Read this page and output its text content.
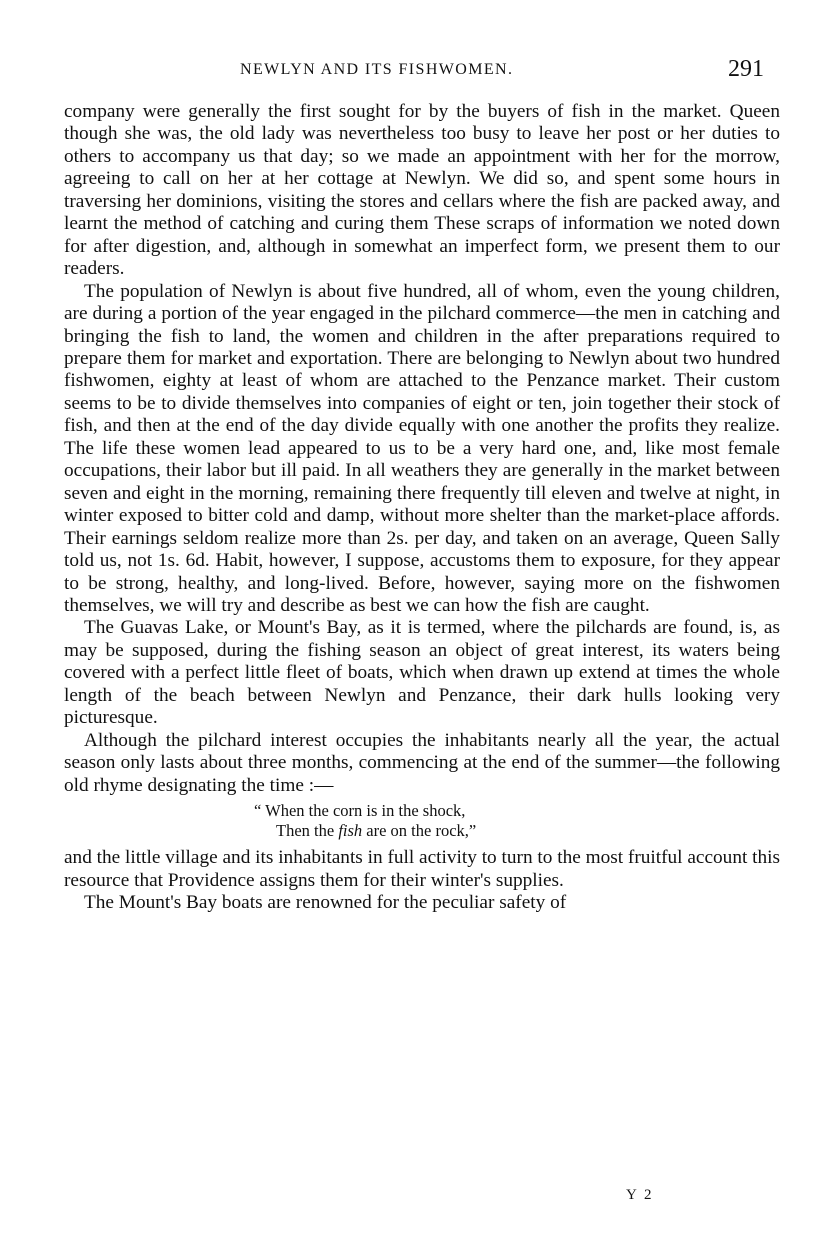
NEWLYN AND ITS FISHWOMEN.	291

company were generally the first sought for by the buyers of fish in the market. Queen though she was, the old lady was nevertheless too busy to leave her post or her duties to others to accompany us that day; so we made an appointment with her for the morrow, agreeing to call on her at her cottage at Newlyn. We did so, and spent some hours in traversing her dominions, visiting the stores and cellars where the fish are packed away, and learnt the method of catching and curing them These scraps of information we noted down for after digestion, and, although in somewhat an imperfect form, we present them to our readers.

The population of Newlyn is about five hundred, all of whom, even the young children, are during a portion of the year engaged in the pilchard commerce—the men in catching and bringing the fish to land, the women and children in the after preparations required to prepare them for market and exportation. There are belonging to Newlyn about two hundred fishwomen, eighty at least of whom are attached to the Penzance market. Their custom seems to be to divide themselves into companies of eight or ten, join together their stock of fish, and then at the end of the day divide equally with one another the profits they realize. The life these women lead appeared to us to be a very hard one, and, like most female occupations, their labor but ill paid. In all weathers they are generally in the market between seven and eight in the morning, remaining there frequently till eleven and twelve at night, in winter exposed to bitter cold and damp, without more shelter than the market-place affords. Their earnings seldom realize more than 2s. per day, and taken on an average, Queen Sally told us, not 1s. 6d. Habit, however, I suppose, accustoms them to exposure, for they appear to be strong, healthy, and long-lived. Before, however, saying more on the fishwomen themselves, we will try and describe as best we can how the fish are caught.

The Guavas Lake, or Mount's Bay, as it is termed, where the pilchards are found, is, as may be supposed, during the fishing season an object of great interest, its waters being covered with a perfect little fleet of boats, which when drawn up extend at times the whole length of the beach between Newlyn and Penzance, their dark hulls looking very picturesque.

Although the pilchard interest occupies the inhabitants nearly all the year, the actual season only lasts about three months, commencing at the end of the summer—the following old rhyme designating the time :—

“ When the corn is in the shock,
Then the fish are on the rock,”

and the little village and its inhabitants in full activity to turn to the most fruitful account this resource that Providence assigns them for their winter's supplies.

The Mount's Bay boats are renowned for the peculiar safety of

Y 2
